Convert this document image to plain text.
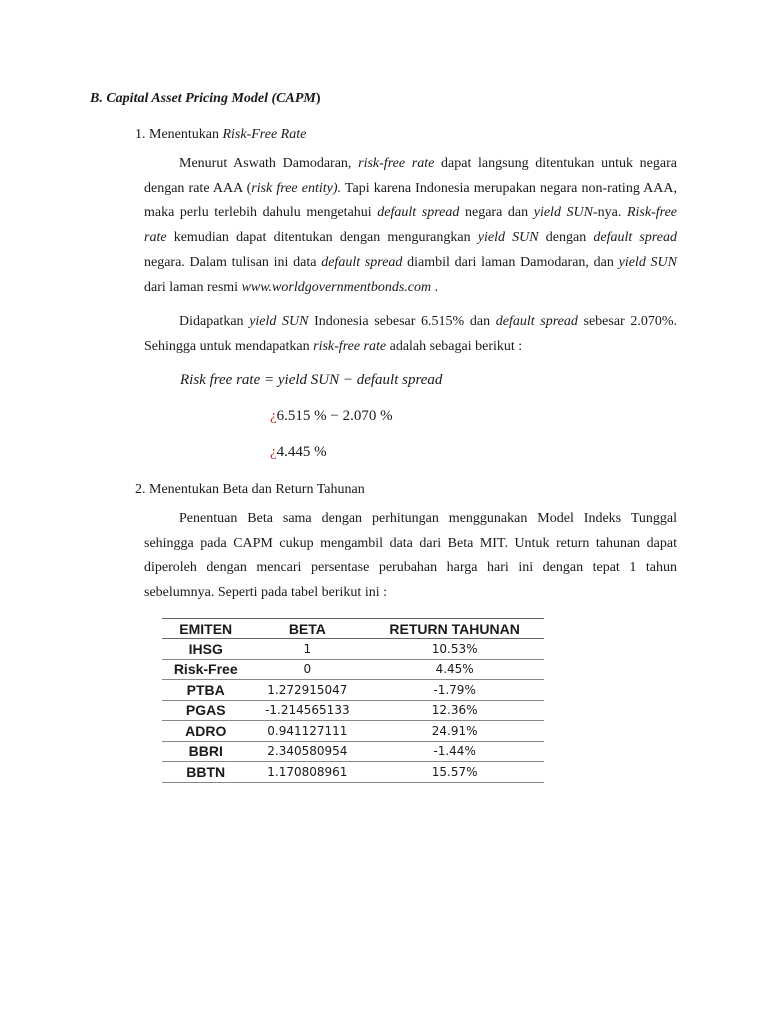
B. Capital Asset Pricing Model (CAPM)
1. Menentukan Risk-Free Rate

Menurut Aswath Damodaran, risk-free rate dapat langsung ditentukan untuk negara dengan rate AAA (risk free entity). Tapi karena Indonesia merupakan negara non-rating AAA, maka perlu terlebih dahulu mengetahui default spread negara dan yield SUN-nya. Risk-free rate kemudian dapat ditentukan dengan mengurangkan yield SUN dengan default spread negara. Dalam tulisan ini data default spread diambil dari laman Damodaran, dan yield SUN dari laman resmi www.worldgovernmentbonds.com .

Didapatkan yield SUN Indonesia sebesar 6.515% dan default spread sebesar 2.070%. Sehingga untuk mendapatkan risk-free rate adalah sebagai berikut :

Risk free rate = yield SUN − default spread
¿6.515 % − 2.070 %
¿4.445 %
2. Menentukan Beta dan Return Tahunan

Penentuan Beta sama dengan perhitungan menggunakan Model Indeks Tunggal sehingga pada CAPM cukup mengambil data dari Beta MIT. Untuk return tahunan dapat diperoleh dengan mencari persentase perubahan harga hari ini dengan tepat 1 tahun sebelumnya. Seperti pada tabel berikut ini :

EMITEN	BETA	RETURN TAHUNAN
IHSG	1	10.53%
Risk-Free	0	4.45%
PTBA	1.272915047	-1.79%
PGAS	-1.214565133	12.36%
ADRO	0.941127111	24.91%
BBRI	2.340580954	-1.44%
BBTN	1.170808961	15.57%
